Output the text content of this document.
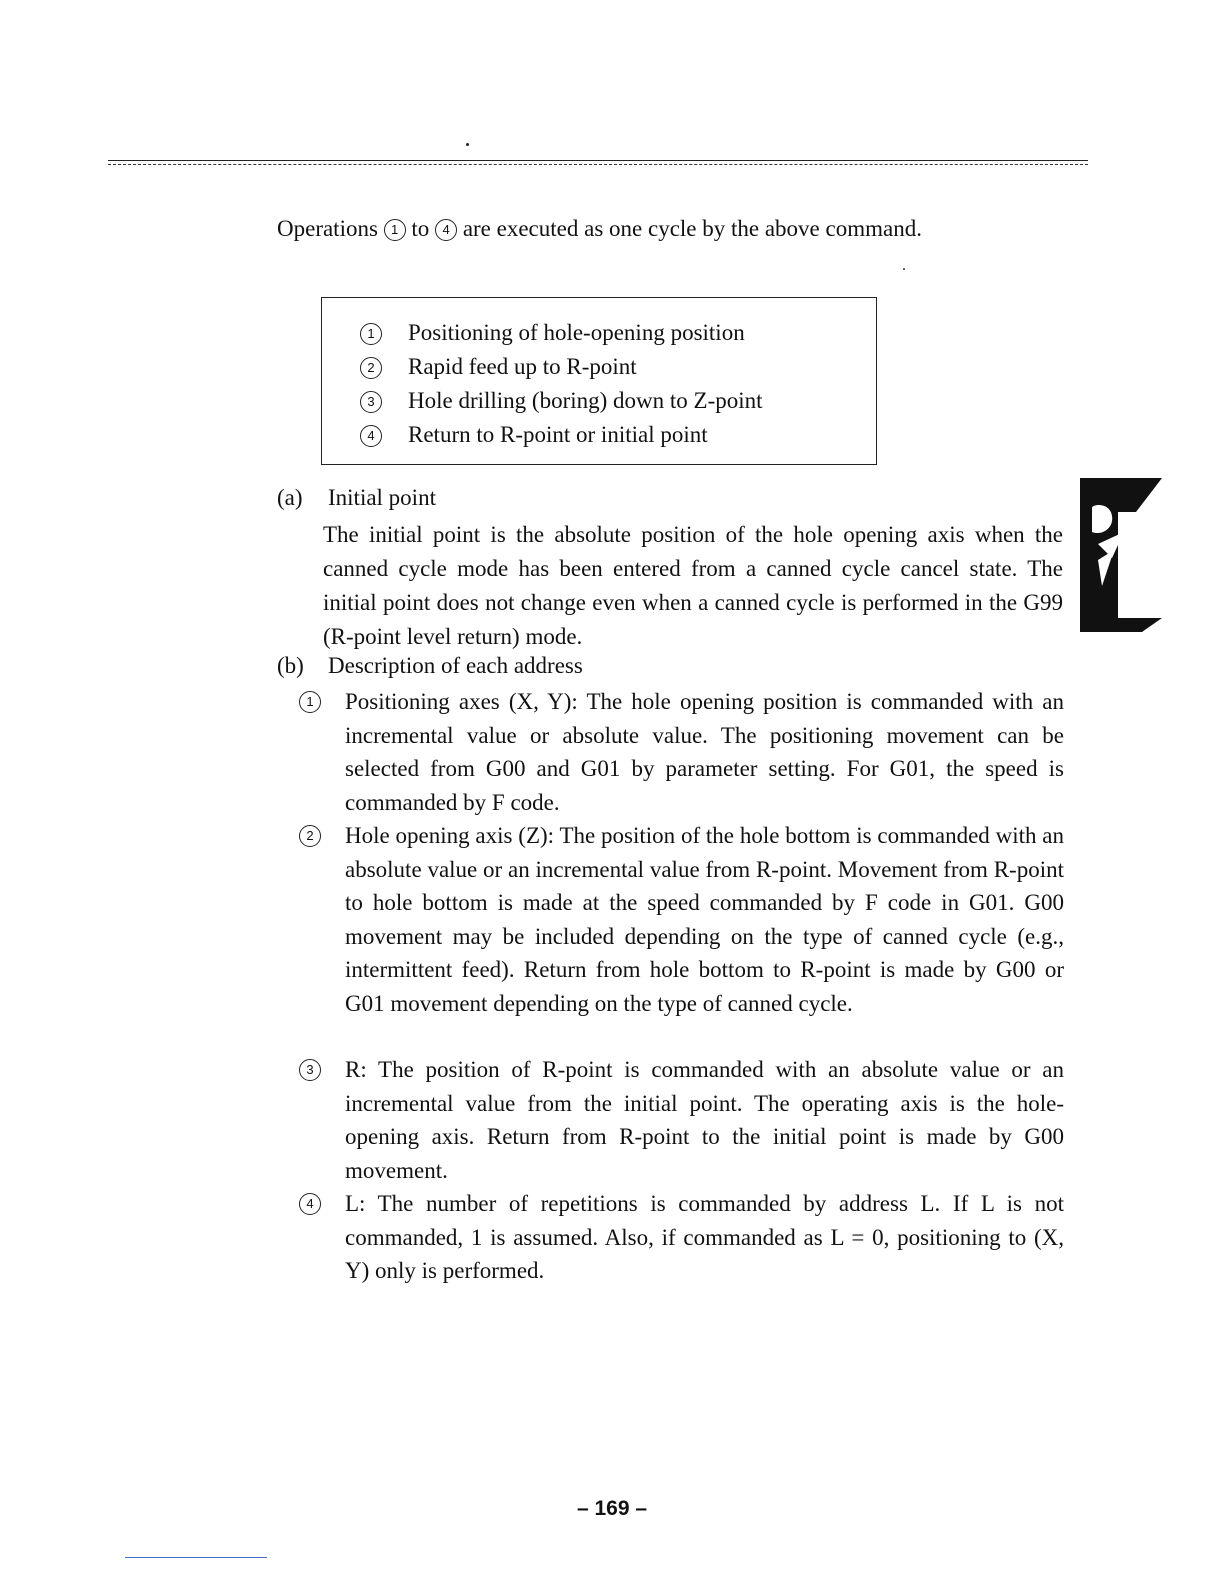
Operations 1 to 4 are executed as one cycle by the above command.
1 Positioning of hole-opening position
2 Rapid feed up to R-point
3 Hole drilling (boring) down to Z-point
4 Return to R-point or initial point
(a) Initial point
The initial point is the absolute position of the hole opening axis when the canned cycle mode has been entered from a canned cycle cancel state. The initial point does not change even when a canned cycle is performed in the G99 (R-point level return) mode.
(b) Description of each address
1	Positioning axes (X, Y): The hole opening position is commanded with an incremental value or absolute value. The positioning movement can be selected from G00 and G01 by parameter setting. For G01, the speed is commanded by F code.
2	Hole opening axis (Z): The position of the hole bottom is commanded with an absolute value or an incremental value from R-point. Movement from R-point to hole bottom is made at the speed commanded by F code in G01. G00 movement may be included depending on the type of canned cycle (e.g., intermittent feed). Return from hole bottom to R-point is made by G00 or G01 movement depending on the type of canned cycle.
3	R: The position of R-point is commanded with an absolute value or an incremental value from the initial point. The operating axis is the hole-opening axis. Return from R-point to the initial point is made by G00 movement.
4	L: The number of repetitions is commanded by address L. If L is not commanded, 1 is assumed. Also, if commanded as L = 0, positioning to (X, Y) only is performed.
– 169 –
